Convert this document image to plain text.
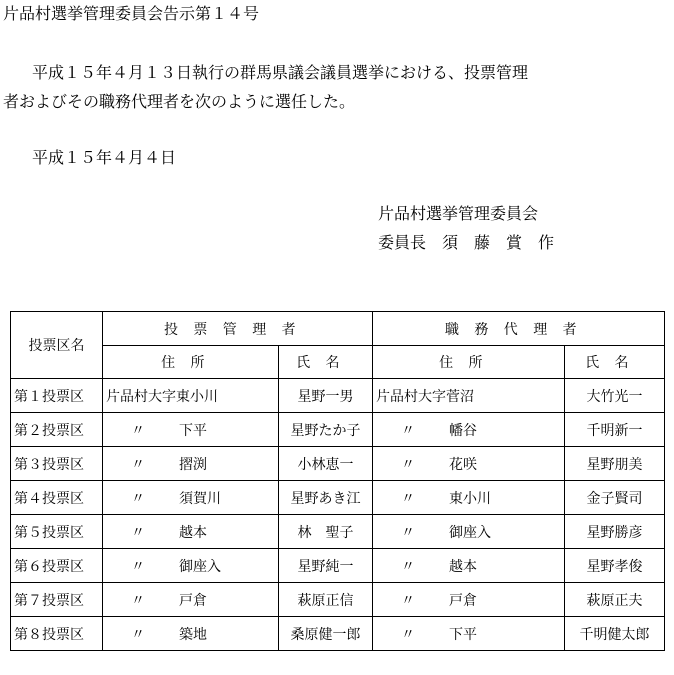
片品村選挙管理委員会告示第１４号
平成１５年４月１３日執行の群馬県議会議員選挙における、投票管理
者およびその職務代理者を次のように選任した。
平成１５年４月４日
片品村選挙管理委員会
委員長　須　藤　賞　作
投票区名	投票管理者		職務代理者	
	住所	氏名	住所	氏名
第１投票区	片品村大字東小川	星野一男	片品村大字菅沼	大竹光一
第２投票区	〃 下平	星野たか子	〃 幡谷	千明新一
第３投票区	〃 摺渕	小林恵一	〃 花咲	星野朋美
第４投票区	〃 須賀川	星野あき江	〃 東小川	金子賢司
第５投票区	〃 越本	林　聖子	〃 御座入	星野勝彦
第６投票区	〃 御座入	星野純一	〃 越本	星野孝俊
第７投票区	〃 戸倉	萩原正信	〃 戸倉	萩原正夫
第８投票区	〃 築地	桑原健一郎	〃 下平	千明健太郎
